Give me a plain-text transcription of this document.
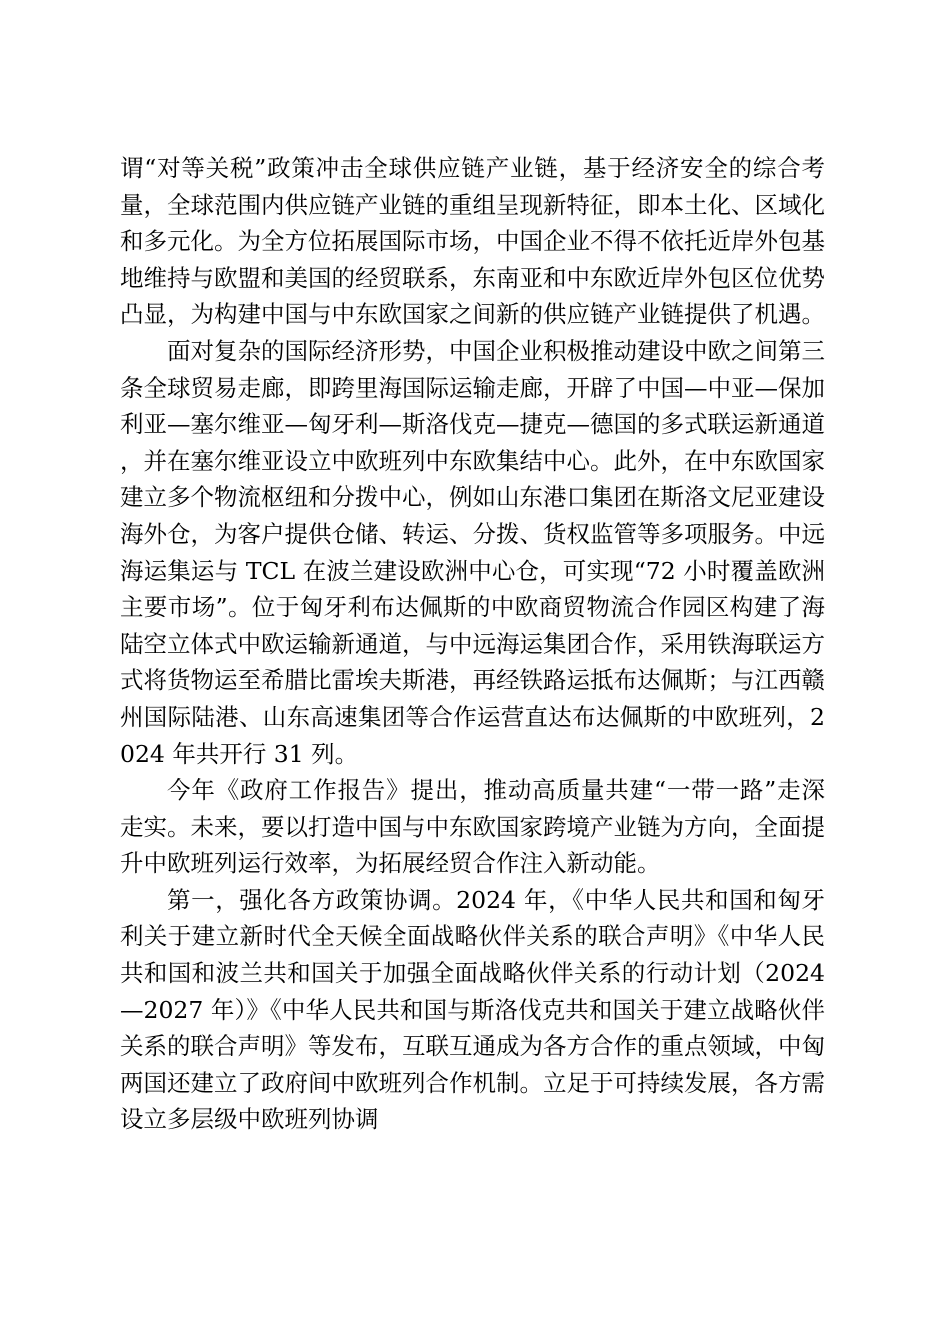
谓“对等关税”政策冲击全球供应链产业链，基于经济安全的综合考量，全球范围内供应链产业链的重组呈现新特征，即本土化、区域化和多元化。为全方位拓展国际市场，中国企业不得不依托近岸外包基地维持与欧盟和美国的经贸联系，东南亚和中东欧近岸外包区位优势凸显，为构建中国与中东欧国家之间新的供应链产业链提供了机遇。

面对复杂的国际经济形势，中国企业积极推动建设中欧之间第三条全球贸易走廊，即跨里海国际运输走廊，开辟了中国—中亚—保加利亚—塞尔维亚—匈牙利—斯洛伐克—捷克—德国的多式联运新通道，并在塞尔维亚设立中欧班列中东欧集结中心。此外，在中东欧国家建立多个物流枢纽和分拨中心，例如山东港口集团在斯洛文尼亚建设海外仓，为客户提供仓储、转运、分拨、货权监管等多项服务。中远海运集运与 TCL 在波兰建设欧洲中心仓，可实现“72 小时覆盖欧洲主要市场”。位于匈牙利布达佩斯的中欧商贸物流合作园区构建了海陆空立体式中欧运输新通道，与中远海运集团合作，采用铁海联运方式将货物运至希腊比雷埃夫斯港，再经铁路运抵布达佩斯；与江西赣州国际陆港、山东高速集团等合作运营直达布达佩斯的中欧班列，2024 年共开行 31 列。

今年《政府工作报告》提出，推动高质量共建“一带一路”走深走实。未来，要以打造中国与中东欧国家跨境产业链为方向，全面提升中欧班列运行效率，为拓展经贸合作注入新动能。

第一，强化各方政策协调。2024 年，《中华人民共和国和匈牙利关于建立新时代全天候全面战略伙伴关系的联合声明》《中华人民共和国和波兰共和国关于加强全面战略伙伴关系的行动计划（2024—2027 年）》《中华人民共和国与斯洛伐克共和国关于建立战略伙伴关系的联合声明》等发布，互联互通成为各方合作的重点领域，中匈两国还建立了政府间中欧班列合作机制。立足于可持续发展，各方需设立多层级中欧班列协调
